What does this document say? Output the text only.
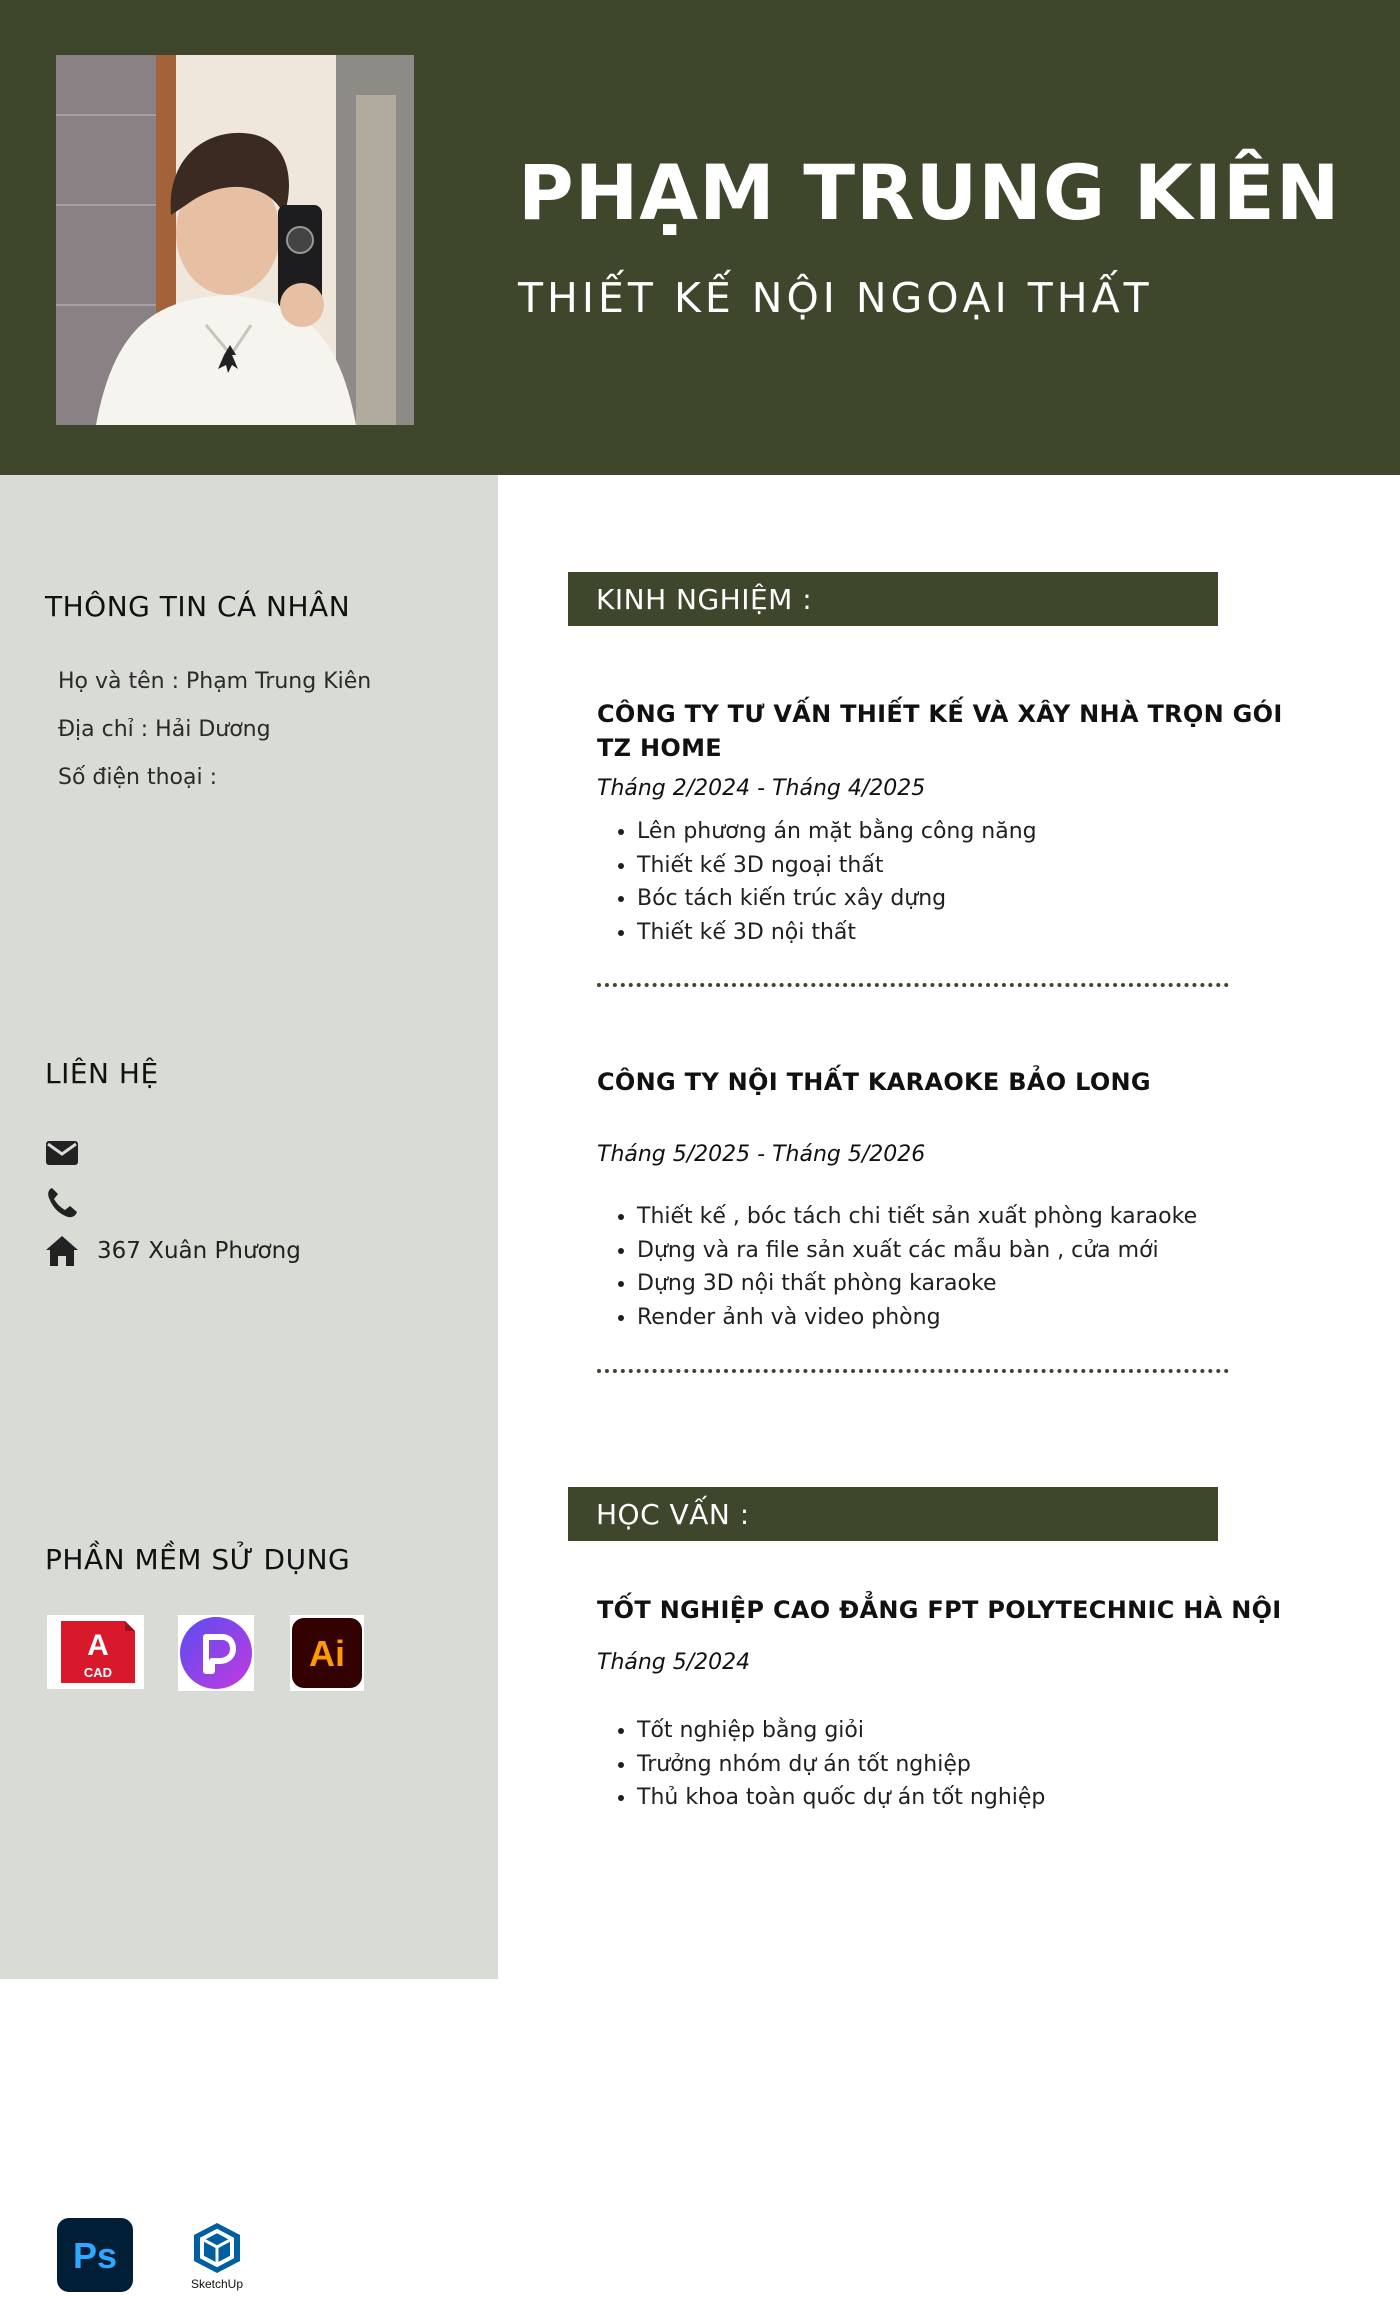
PHẠM TRUNG KIÊN
THIẾT KẾ NỘI NGOẠI THẤT
THÔNG TIN CÁ NHÂN
Họ và tên : Phạm Trung Kiên
Địa chỉ : Hải Dương
Số điện thoại :
LIÊN HỆ
367 Xuân Phương
PHẦN MỀM SỬ DỤNG
A
CAD	Ai
Ps
SketchUp
KINH NGHIỆM :
CÔNG TY TƯ VẤN THIẾT KẾ VÀ XÂY NHÀ TRỌN GÓI TZ HOME
Tháng 2/2024 - Tháng 4/2025
• Lên phương án mặt bằng công năng
• Thiết kế 3D ngoại thất
• Bóc tách kiến trúc xây dựng
• Thiết kế 3D nội thất
CÔNG TY NỘI THẤT KARAOKE BẢO LONG
Tháng 5/2025 - Tháng 5/2026
• Thiết kế , bóc tách chi tiết sản xuất phòng karaoke
• Dựng và ra file sản xuất các mẫu bàn , cửa mới
• Dựng 3D nội thất phòng karaoke
• Render ảnh và video phòng
HỌC VẤN :
TỐT NGHIỆP CAO ĐẲNG FPT POLYTECHNIC HÀ NỘI
Tháng 5/2024
• Tốt nghiệp bằng giỏi
• Trưởng nhóm dự án tốt nghiệp
• Thủ khoa toàn quốc dự án tốt nghiệp
